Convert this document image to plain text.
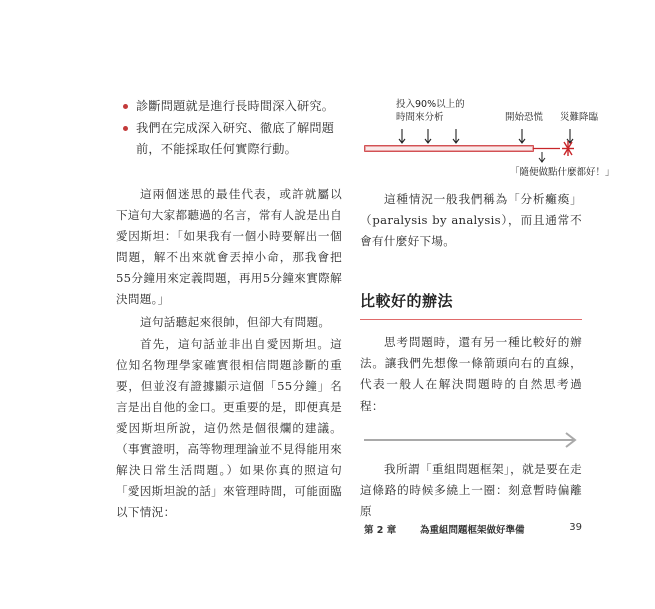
診斷問題就是進行長時間深入研究。
我們在完成深入研究、徹底了解問題前，不能採取任何實際行動。

這兩個迷思的最佳代表，或許就屬以下這句大家都聽過的名言，常有人說是出自愛因斯坦：「如果我有一個小時要解出一個問題，解不出來就會丟掉小命，那我會把55分鐘用來定義問題，再用5分鐘來實際解決問題。」

這句話聽起來很帥，但卻大有問題。

首先，這句話並非出自愛因斯坦。這位知名物理學家確實很相信問題診斷的重要，但並沒有證據顯示這個「55分鐘」名言是出自他的金口。更重要的是，即便真是愛因斯坦所說，這仍然是個很爛的建議。（事實證明，高等物理理論並不見得能用來解決日常生活問題。）如果你真的照這句「愛因斯坦說的話」來管理時間，可能面臨以下情況：

投入90%以上的
時間來分析	開始恐慌 災難降臨
「隨便做點什麼都好！」

這種情況一般我們稱為「分析癱瘓」（paralysis by analysis），而且通常不會有什麼好下場。

比較好的辦法

思考問題時，還有另一種比較好的辦法。讓我們先想像一條箭頭向右的直線，代表一般人在解決問題時的自然思考過程：

我所謂「重組問題框架」，就是要在走這條路的時候多繞上一圈：刻意暫時偏離原

第 2 章	為重組問題框架做好準備	39
